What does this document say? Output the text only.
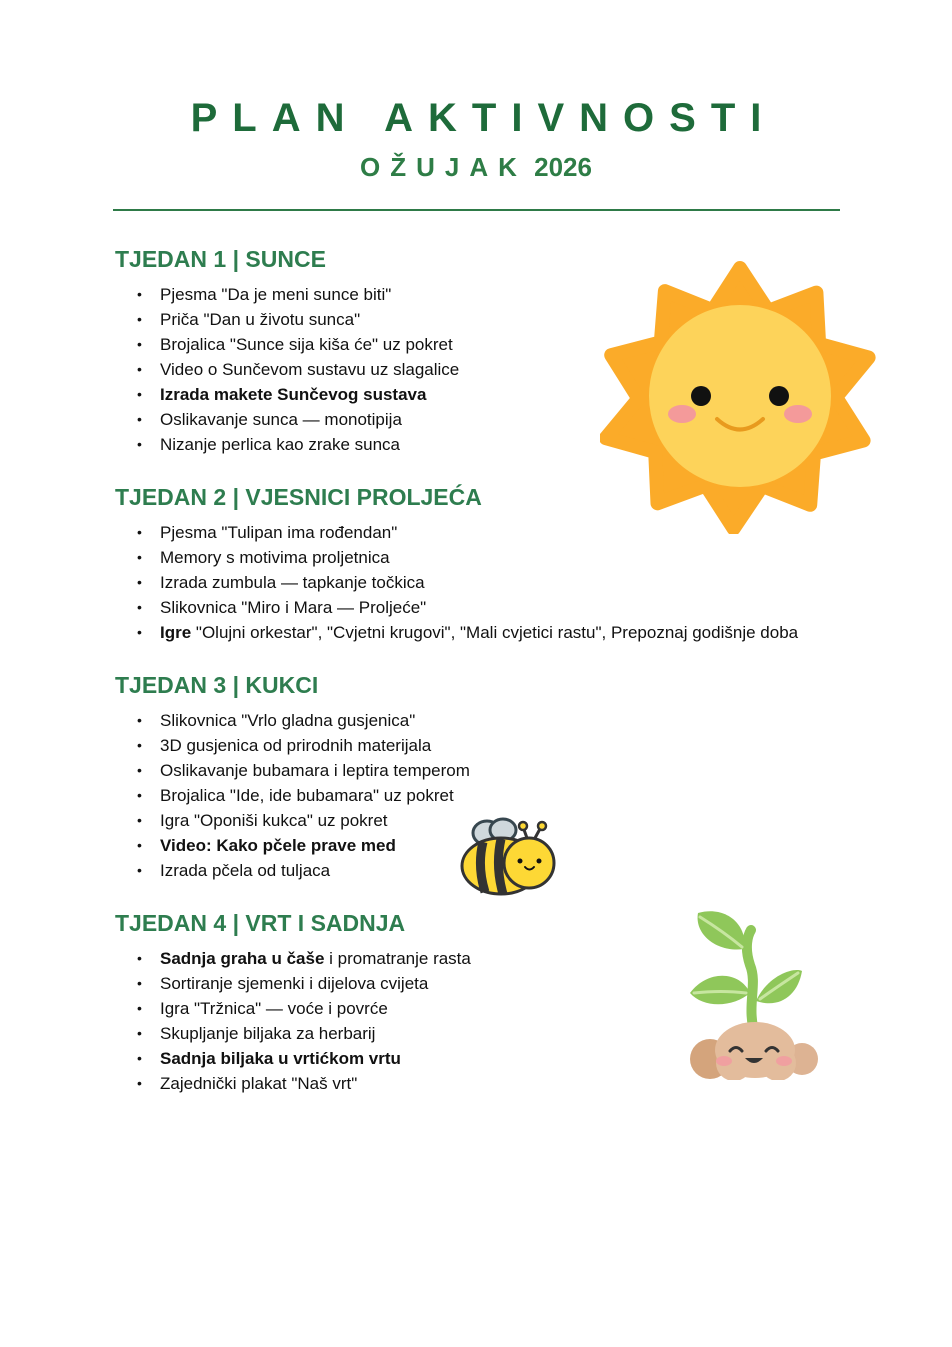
PLAN AKTIVNOSTI
OŽUJAK 2026
TJEDAN 1 | SUNCE
• Pjesma "Da je meni sunce biti"
• Priča "Dan u životu sunca"
• Brojalica "Sunce sija kiša će" uz pokret
• Video o Sunčevom sustavu uz slagalice
• Izrada makete Sunčevog sustava
• Oslikavanje sunca — monotipija
• Nizanje perlica kao zrake sunca
TJEDAN 2 | VJESNICI PROLJEĆA
• Pjesma "Tulipan ima rođendan"
• Memory s motivima proljetnica
• Izrada zumbula — tapkanje točkica
• Slikovnica "Miro i Mara — Proljeće"
• Igre "Olujni orkestar", "Cvjetni krugovi", "Mali cvjetici rastu", Prepoznaj godišnje doba
TJEDAN 3 | KUKCI
• Slikovnica "Vrlo gladna gusjenica"
• 3D gusjenica od prirodnih materijala
• Oslikavanje bubamara i leptira temperom
• Brojalica "Ide, ide bubamara" uz pokret
• Igra "Oponiši kukca" uz pokret
• Video: Kako pčele prave med
• Izrada pčela od tuljaca
TJEDAN 4 | VRT I SADNJA
• Sadnja graha u čaše i promatranje rasta
• Sortiranje sjemenki i dijelova cvijeta
• Igra "Tržnica" — voće i povrće
• Skupljanje biljaka za herbarij
• Sadnja biljaka u vrtićkom vrtu
• Zajednički plakat "Naš vrt"
